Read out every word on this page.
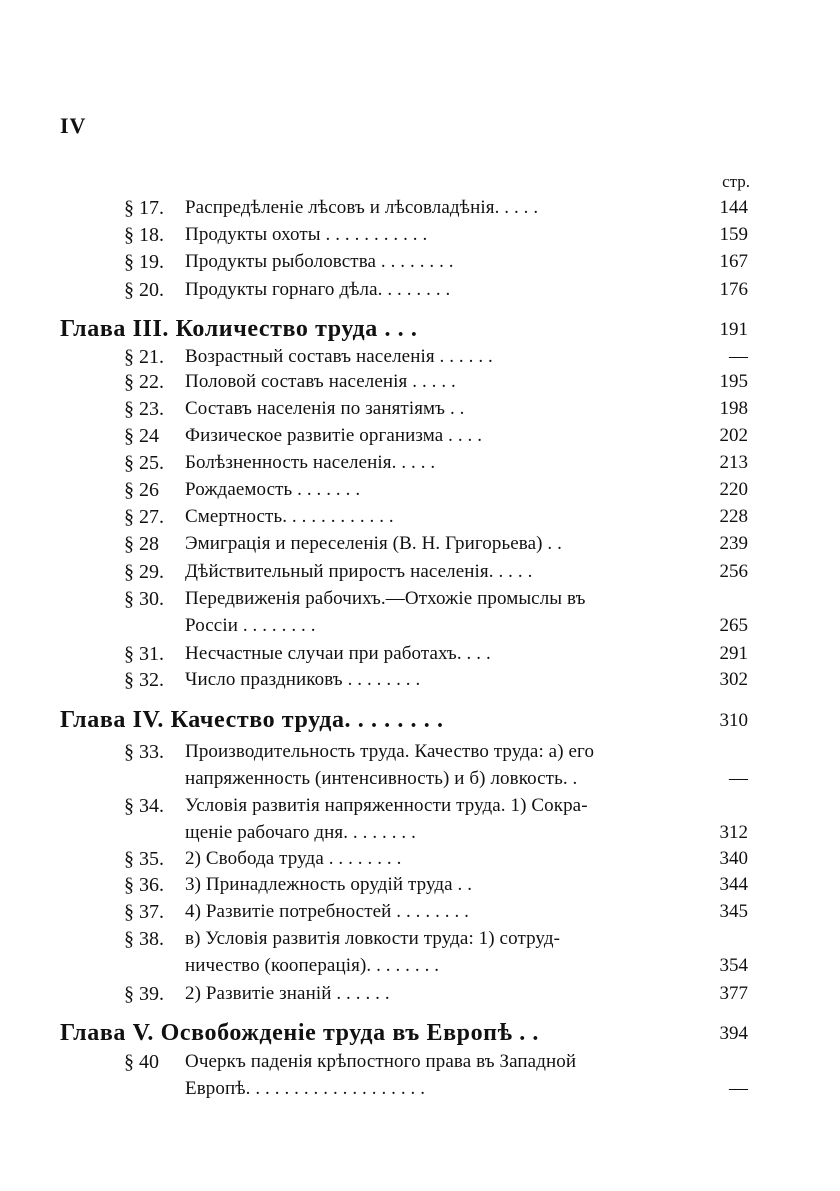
IV
стр.
§ 17. Распредѣленіе лѣсовъ и лѣсовладѣнія. . . . .	144
§ 18. Продукты охоты . . . . . . . . . . .	159
§ 19. Продукты рыболовства . . . . . . . .	167
§ 20. Продукты горнаго дѣла. . . . . . . .	176
Глава III. Количество труда . . .	191
§ 21. Возрастный составъ населенія . . . . . .	—
§ 22. Половой составъ населенія . . . . .	195
§ 23. Составъ населенія по занятіямъ . .	198
§ 24 Физическое развитіе организма . . . .	202
§ 25. Болѣзненность населенія. . . . .	213
§ 26 Рождаемость . . . . . . .	220
§ 27. Смертность. . . . . . . . . . . .	228
§ 28 Эмиграція и переселенія (В. Н. Григорьева) . .	239
§ 29. Дѣйствительный приростъ населенія. . . . .	256
§ 30. Передвиженія рабочихъ.—Отхожіе промыслы въ
Россіи . . . . . . . .	265
§ 31. Несчастные случаи при работахъ. . . .	291
§ 32. Число праздниковъ . . . . . . . .	302
Глава IV. Качество труда. . . . . . . .	310
§ 33. Производительность труда. Качество труда: а) его
напряженность (интенсивность) и б) ловкость. .	—
§ 34. Условія развитія напряженности труда. 1) Сокра-
щеніе рабочаго дня. . . . . . . .	312
§ 35. 2) Свобода труда . . . . . . . .	340
§ 36. 3) Принадлежность орудій труда . .	344
§ 37. 4) Развитіе потребностей . . . . . . . .	345
§ 38. в) Условія развитія ловкости труда: 1) сотруд-
ничество (кооперація). . . . . . . .	354
§ 39. 2) Развитіе знаній . . . . . .	377
Глава V. Освобожденіе труда въ Европѣ . .	394
§ 40 Очеркъ паденія крѣпостного права въ Западной
Европѣ. . . . . . . . . . . . . . . . . . .	—
